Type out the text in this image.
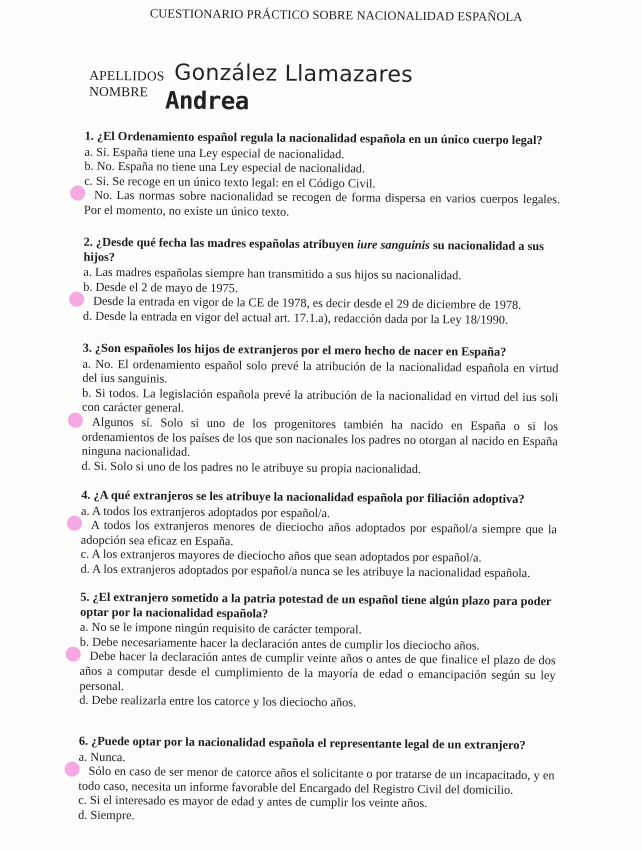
CUESTIONARIO PRÁCTICO SOBRE NACIONALIDAD ESPAÑOLA
APELLIDOS González Llamazares
NOMBRE Andrea

1. ¿El Ordenamiento español regula la nacionalidad española en un único cuerpo legal?

a. Si. España tiene una Ley especial de nacionalidad.

b. No. España no tiene una Ley especial de nacionalidad.

c. Si. Se recoge en un único texto legal: en el Código Civil.

No. Las normas sobre nacionalidad se recogen de forma dispersa en varios cuerpos legales. Por el momento, no existe un único texto.

2. ¿Desde qué fecha las madres españolas atribuyen iure sanguinis su nacionalidad a sus hijos?

a. Las madres españolas siempre han transmitido a sus hijos su nacionalidad.

b. Desde el 2 de mayo de 1975.

Desde la entrada en vigor de la CE de 1978, es decir desde el 29 de diciembre de 1978.

d. Desde la entrada en vigor del actual art. 17.1.a), redacción dada por la Ley 18/1990.

3. ¿Son españoles los hijos de extranjeros por el mero hecho de nacer en España?

a. No. El ordenamiento español solo prevé la atribución de la nacionalidad española en virtud del ius sanguinis.

b. Si todos. La legislación española prevé la atribución de la nacionalidad en virtud del ius soli con carácter general.

Algunos sí. Solo si uno de los progenitores también ha nacido en España o si los ordenamientos de los países de los que son nacionales los padres no otorgan al nacido en España ninguna nacionalidad.

d. Si. Solo si uno de los padres no le atribuye su propia nacionalidad.

4. ¿A qué extranjeros se les atribuye la nacionalidad española por filiación adoptiva?

a. A todos los extranjeros adoptados por español/a.

A todos los extranjeros menores de dieciocho años adoptados por español/a siempre que la adopción sea eficaz en España.

c. A los extranjeros mayores de dieciocho años que sean adoptados por español/a.

d. A los extranjeros adoptados por español/a nunca se les atribuye la nacionalidad española.

5. ¿El extranjero sometido a la patria potestad de un español tiene algún plazo para poder optar por la nacionalidad española?

a. No se le impone ningún requisito de carácter temporal.

b. Debe necesariamente hacer la declaración antes de cumplir los dieciocho años.

Debe hacer la declaración antes de cumplir veinte años o antes de que finalice el plazo de dos años a computar desde el cumplimiento de la mayoría de edad o emancipación según su ley personal.

d. Debe realizarla entre los catorce y los dieciocho años.

6. ¿Puede optar por la nacionalidad española el representante legal de un extranjero?

a. Nunca.

Sólo en caso de ser menor de catorce años el solicitante o por tratarse de un incapacitado, y en todo caso, necesita un informe favorable del Encargado del Registro Civil del domicilio.

c. Si el interesado es mayor de edad y antes de cumplir los veinte años.

d. Siempre.
